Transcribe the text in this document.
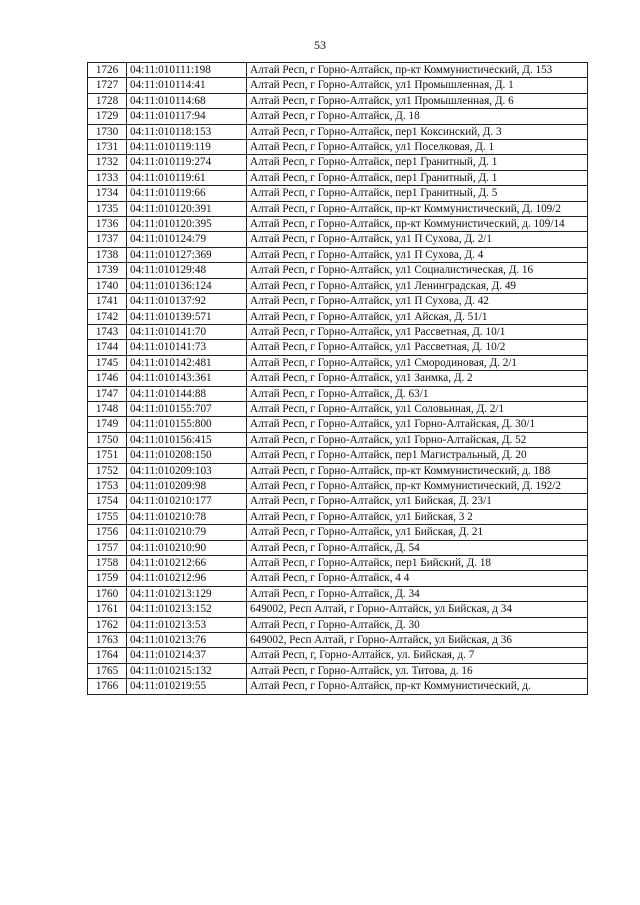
53
1726	04:11:010111:198	Алтай Респ, г Горно-Алтайск, пр-кт Коммунистический, Д. 153
1727	04:11:010114:41	Алтай Респ, г Горно-Алтайск, ул1 Промышленная, Д. 1
1728	04:11:010114:68	Алтай Респ, г Горно-Алтайск, ул1 Промышленная, Д. 6
1729	04:11:010117:94	Алтай Респ, г Горно-Алтайск, Д. 18
1730	04:11:010118:153	Алтай Респ, г Горно-Алтайск, пер1 Коксинский, Д. 3
1731	04:11:010119:119	Алтай Респ, г Горно-Алтайск, ул1 Поселковая, Д. 1
1732	04:11:010119:274	Алтай Респ, г Горно-Алтайск, пер1 Гранитный, Д. 1
1733	04:11:010119:61	Алтай Респ, г Горно-Алтайск, пер1 Гранитный, Д. 1
1734	04:11:010119:66	Алтай Респ, г Горно-Алтайск, пер1 Гранитный, Д. 5
1735	04:11:010120:391	Алтай Респ, г Горно-Алтайск, пр-кт Коммунистический, Д. 109/2
1736	04:11:010120:395	Алтай Респ, г Горно-Алтайск, пр-кт Коммунистический, д. 109/14
1737	04:11:010124:79	Алтай Респ, г Горно-Алтайск, ул1 П Сухова, Д. 2/1
1738	04:11:010127:369	Алтай Респ, г Горно-Алтайск, ул1 П Сухова, Д. 4
1739	04:11:010129:48	Алтай Респ, г Горно-Алтайск, ул1 Социалистическая, Д. 16
1740	04:11:010136:124	Алтай Респ, г Горно-Алтайск, ул1 Ленинградская, Д. 49
1741	04:11:010137:92	Алтай Респ, г Горно-Алтайск, ул1 П Сухова, Д. 42
1742	04:11:010139:571	Алтай Респ, г Горно-Алтайск, ул1 Айская, Д. 51/1
1743	04:11:010141:70	Алтай Респ, г Горно-Алтайск, ул1 Рассветная, Д. 10/1
1744	04:11:010141:73	Алтай Респ, г Горно-Алтайск, ул1 Рассветная, Д. 10/2
1745	04:11:010142:481	Алтай Респ, г Горно-Алтайск, ул1 Смородиновая, Д. 2/1
1746	04:11:010143:361	Алтай Респ, г Горно-Алтайск, ул1 Заимка, Д. 2
1747	04:11:010144:88	Алтай Респ, г Горно-Алтайск, Д. 63/1
1748	04:11:010155:707	Алтай Респ, г Горно-Алтайск, ул1 Соловьиная, Д. 2/1
1749	04:11:010155:800	Алтай Респ, г Горно-Алтайск, ул1 Горно-Алтайская, Д. 30/1
1750	04:11:010156:415	Алтай Респ, г Горно-Алтайск, ул1 Горно-Алтайская, Д. 52
1751	04:11:010208:150	Алтай Респ, г Горно-Алтайск, пер1 Магистральный, Д. 20
1752	04:11:010209:103	Алтай Респ, г Горно-Алтайск, пр-кт Коммунистический, д. 188
1753	04:11:010209:98	Алтай Респ, г Горно-Алтайск, пр-кт Коммунистический, Д. 192/2
1754	04:11:010210:177	Алтай Респ, г Горно-Алтайск, ул1 Бийская, Д. 23/1
1755	04:11:010210:78	Алтай Респ, г Горно-Алтайск, ул1 Бийская, 3 2
1756	04:11:010210:79	Алтай Респ, г Горно-Алтайск, ул1 Бийская, Д. 21
1757	04:11:010210:90	Алтай Респ, г Горно-Алтайск, Д. 54
1758	04:11:010212:66	Алтай Респ, г Горно-Алтайск, пер1 Бийский, Д. 18
1759	04:11:010212:96	Алтай Респ, г Горно-Алтайск, 4 4
1760	04:11:010213:129	Алтай Респ, г Горно-Алтайск, Д. 34
1761	04:11:010213:152	649002, Респ Алтай, г Горно-Алтайск, ул Бийская, д 34
1762	04:11:010213:53	Алтай Респ, г Горно-Алтайск, Д. 30
1763	04:11:010213:76	649002, Респ Алтай, г Горно-Алтайск, ул Бийская, д 36
1764	04:11:010214:37	Алтай Респ, г, Горно-Алтайск, ул. Бийская, д. 7
1765	04:11:010215:132	Алтай Респ, г Горно-Алтайск, ул. Титова, д. 16
1766	04:11:010219:55	Алтай Респ, г Горно-Алтайск, пр-кт Коммунистический, д.
